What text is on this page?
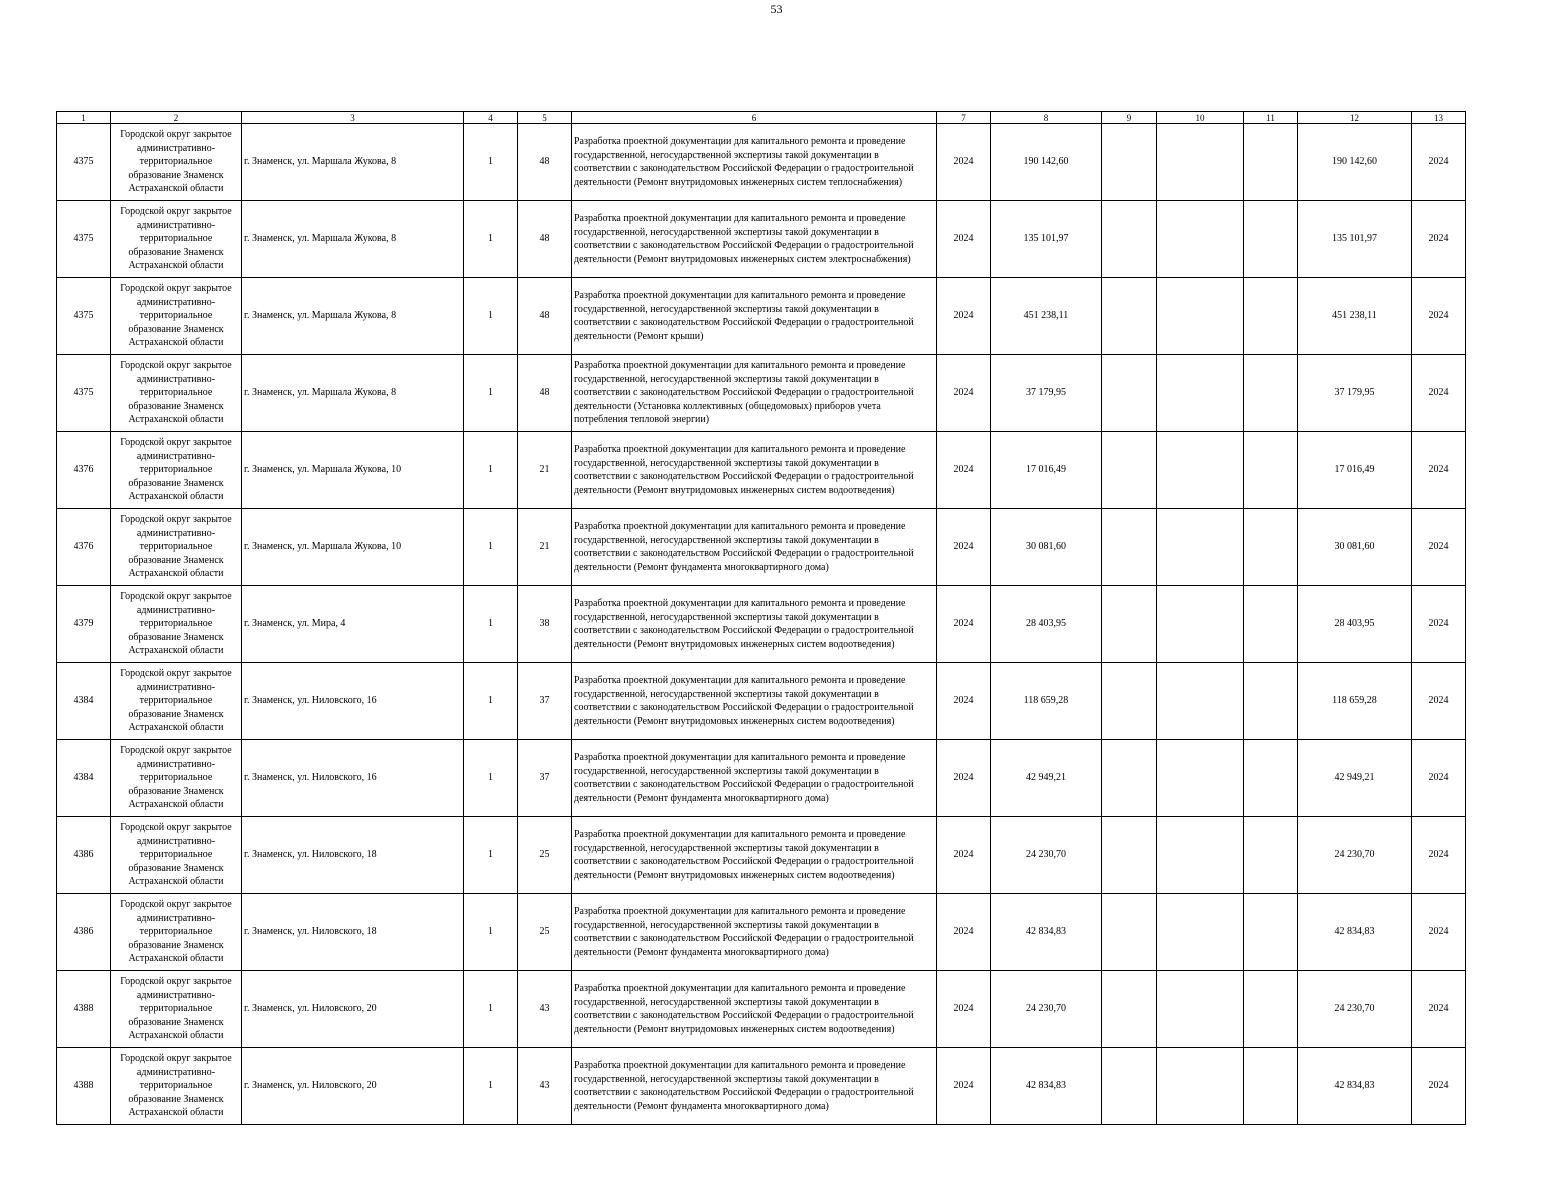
53
1	2	3	4	5	6	7	8	9	10	11	12	13
4375	Городской округ закрытое административно-территориальное образование Знаменск Астраханской области	г. Знаменск, ул. Маршала Жукова, 8	1	48	Разработка проектной документации для капитального ремонта и проведение государственной, негосударственной экспертизы такой документации в соответствии с законодательством Российской Федерации о градостроительной деятельности (Ремонт внутридомовых инженерных систем теплоснабжения)	2024	190 142,60				190 142,60	2024
4375	Городской округ закрытое административно-территориальное образование Знаменск Астраханской области	г. Знаменск, ул. Маршала Жукова, 8	1	48	Разработка проектной документации для капитального ремонта и проведение государственной, негосударственной экспертизы такой документации в соответствии с законодательством Российской Федерации о градостроительной деятельности (Ремонт внутридомовых инженерных систем электроснабжения)	2024	135 101,97				135 101,97	2024
4375	Городской округ закрытое административно-территориальное образование Знаменск Астраханской области	г. Знаменск, ул. Маршала Жукова, 8	1	48	Разработка проектной документации для капитального ремонта и проведение государственной, негосударственной экспертизы такой документации в соответствии с законодательством Российской Федерации о градостроительной деятельности (Ремонт крыши)	2024	451 238,11				451 238,11	2024
4375	Городской округ закрытое административно-территориальное образование Знаменск Астраханской области	г. Знаменск, ул. Маршала Жукова, 8	1	48	Разработка проектной документации для капитального ремонта и проведение государственной, негосударственной экспертизы такой документации в соответствии с законодательством Российской Федерации о градостроительной деятельности (Установка коллективных (общедомовых) приборов учета потребления тепловой энергии)	2024	37 179,95				37 179,95	2024
4376	Городской округ закрытое административно-территориальное образование Знаменск Астраханской области	г. Знаменск, ул. Маршала Жукова, 10	1	21	Разработка проектной документации для капитального ремонта и проведение государственной, негосударственной экспертизы такой документации в соответствии с законодательством Российской Федерации о градостроительной деятельности (Ремонт внутридомовых инженерных систем водоотведения)	2024	17 016,49				17 016,49	2024
4376	Городской округ закрытое административно-территориальное образование Знаменск Астраханской области	г. Знаменск, ул. Маршала Жукова, 10	1	21	Разработка проектной документации для капитального ремонта и проведение государственной, негосударственной экспертизы такой документации в соответствии с законодательством Российской Федерации о градостроительной деятельности (Ремонт фундамента многоквартирного дома)	2024	30 081,60				30 081,60	2024
4379	Городской округ закрытое административно-территориальное образование Знаменск Астраханской области	г. Знаменск, ул. Мира, 4	1	38	Разработка проектной документации для капитального ремонта и проведение государственной, негосударственной экспертизы такой документации в соответствии с законодательством Российской Федерации о градостроительной деятельности (Ремонт внутридомовых инженерных систем водоотведения)	2024	28 403,95				28 403,95	2024
4384	Городской округ закрытое административно-территориальное образование Знаменск Астраханской области	г. Знаменск, ул. Ниловского, 16	1	37	Разработка проектной документации для капитального ремонта и проведение государственной, негосударственной экспертизы такой документации в соответствии с законодательством Российской Федерации о градостроительной деятельности (Ремонт внутридомовых инженерных систем водоотведения)	2024	118 659,28				118 659,28	2024
4384	Городской округ закрытое административно-территориальное образование Знаменск Астраханской области	г. Знаменск, ул. Ниловского, 16	1	37	Разработка проектной документации для капитального ремонта и проведение государственной, негосударственной экспертизы такой документации в соответствии с законодательством Российской Федерации о градостроительной деятельности (Ремонт фундамента многоквартирного дома)	2024	42 949,21				42 949,21	2024
4386	Городской округ закрытое административно-территориальное образование Знаменск Астраханской области	г. Знаменск, ул. Ниловского, 18	1	25	Разработка проектной документации для капитального ремонта и проведение государственной, негосударственной экспертизы такой документации в соответствии с законодательством Российской Федерации о градостроительной деятельности (Ремонт внутридомовых инженерных систем водоотведения)	2024	24 230,70				24 230,70	2024
4386	Городской округ закрытое административно-территориальное образование Знаменск Астраханской области	г. Знаменск, ул. Ниловского, 18	1	25	Разработка проектной документации для капитального ремонта и проведение государственной, негосударственной экспертизы такой документации в соответствии с законодательством Российской Федерации о градостроительной деятельности (Ремонт фундамента многоквартирного дома)	2024	42 834,83				42 834,83	2024
4388	Городской округ закрытое административно-территориальное образование Знаменск Астраханской области	г. Знаменск, ул. Ниловского, 20	1	43	Разработка проектной документации для капитального ремонта и проведение государственной, негосударственной экспертизы такой документации в соответствии с законодательством Российской Федерации о градостроительной деятельности (Ремонт внутридомовых инженерных систем водоотведения)	2024	24 230,70				24 230,70	2024
4388	Городской округ закрытое административно-территориальное образование Знаменск Астраханской области	г. Знаменск, ул. Ниловского, 20	1	43	Разработка проектной документации для капитального ремонта и проведение государственной, негосударственной экспертизы такой документации в соответствии с законодательством Российской Федерации о градостроительной деятельности (Ремонт фундамента многоквартирного дома)	2024	42 834,83				42 834,83	2024
